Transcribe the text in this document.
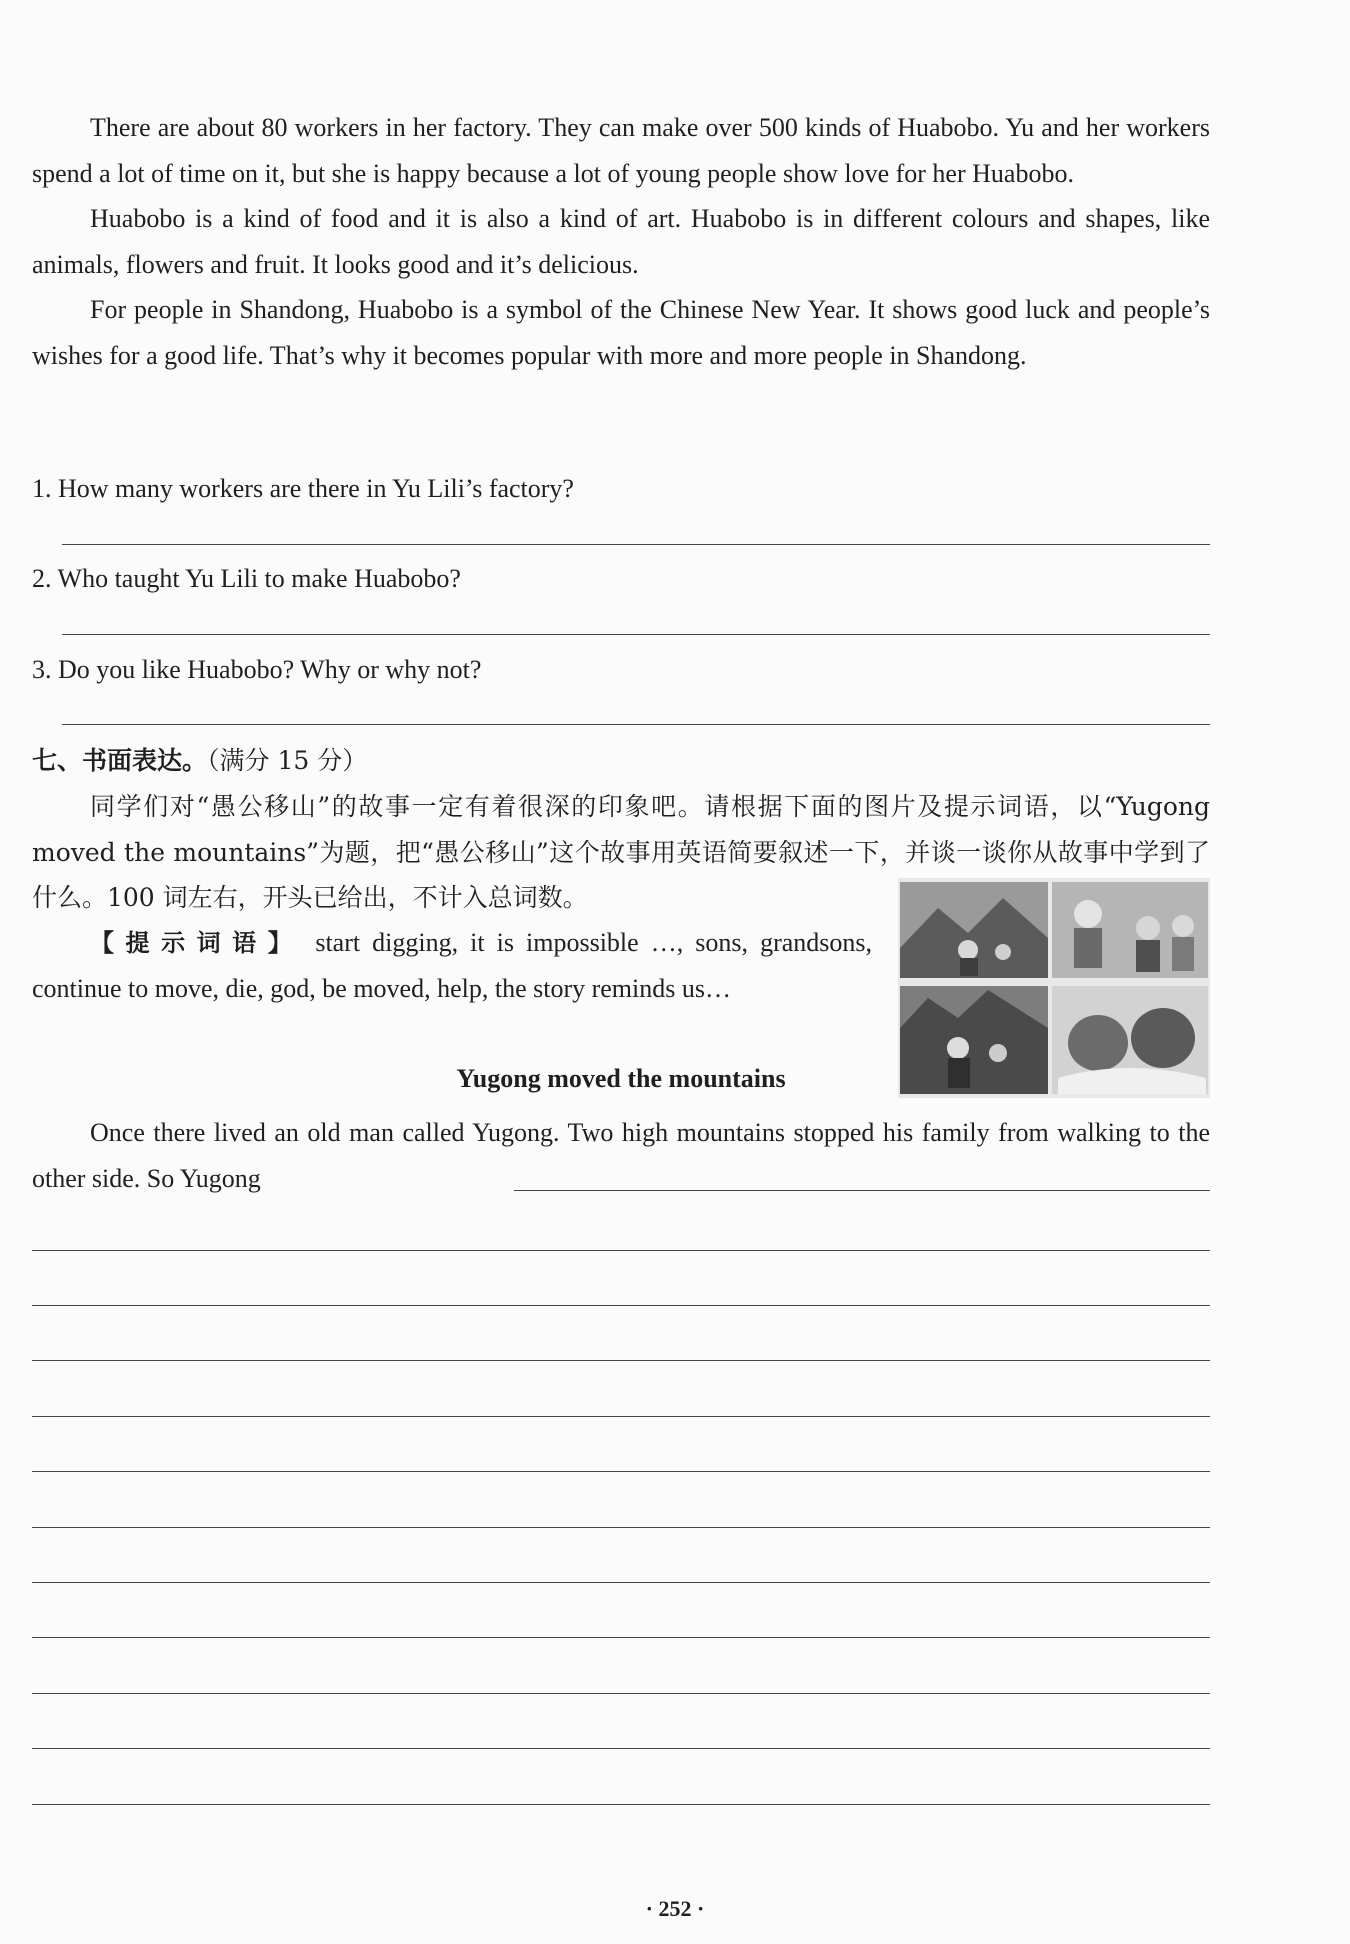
There are about 80 workers in her factory. They can make over 500 kinds of Huabobo. Yu and her workers spend a lot of time on it, but she is happy because a lot of young people show love for her Huabobo.

Huabobo is a kind of food and it is also a kind of art. Huabobo is in different colours and shapes, like animals, flowers and fruit. It looks good and it’s delicious.

For people in Shandong, Huabobo is a symbol of the Chinese New Year. It shows good luck and people’s wishes for a good life. That’s why it becomes popular with more and more people in Shandong.

1. How many workers are there in Yu Lili’s factory?

2. Who taught Yu Lili to make Huabobo?

3. Do you like Huabobo? Why or why not?

七、书面表达。（满分 15 分）

同学们对“愚公移山”的故事一定有着很深的印象吧。请根据下面的图片及提示词语，以“Yugong moved the mountains”为题，把“愚公移山”这个故事用英语简要叙述一下，并谈一谈你从故事中学到了什么。100 词左右，开头已给出，不计入总词数。

【提示词语】 start digging, it is impossible …, sons, grandsons, continue to move, die, god, be moved, help, the story reminds us…

Yugong moved the mountains

Once there lived an old man called Yugong. Two high mountains stopped his family from walking to the other side. So Yugong

· 252 ·
